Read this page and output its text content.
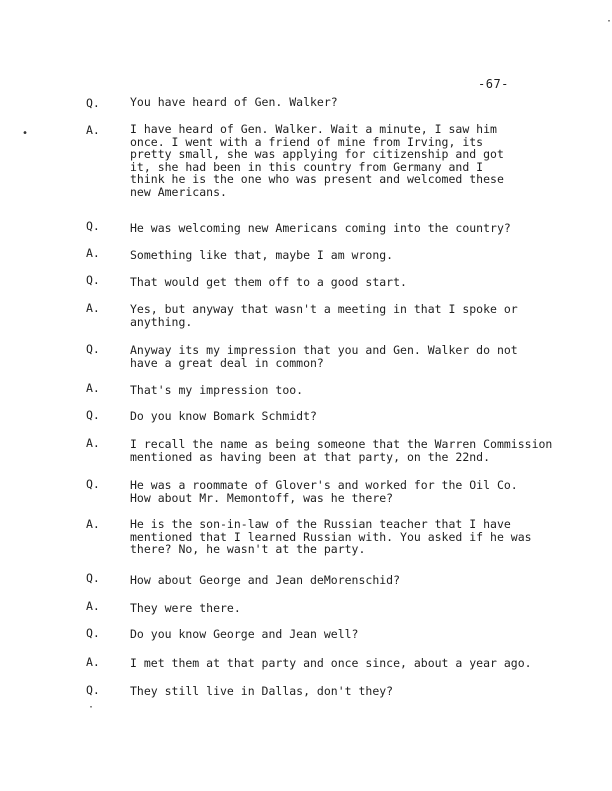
-67-
Q.	You have heard of Gen. Walker?
A.	I have heard of Gen. Walker. Wait a minute, I saw him
once. I went with a friend of mine from Irving, its
pretty small, she was applying for citizenship and got
it, she had been in this country from Germany and I
think he is the one who was present and welcomed these
new Americans.
Q.	He was welcoming new Americans coming into the country?
A.	Something like that, maybe I am wrong.
Q.	That would get them off to a good start.
A.	Yes, but anyway that wasn't a meeting in that I spoke or
anything.
Q.	Anyway its my impression that you and Gen. Walker do not
have a great deal in common?
A.	That's my impression too.
Q.	Do you know Bomark Schmidt?
A.	I recall the name as being someone that the Warren Commission
mentioned as having been at that party, on the 22nd.
Q.	He was a roommate of Glover's and worked for the Oil Co.
How about Mr. Memontoff, was he there?
A.	He is the son-in-law of the Russian teacher that I have
mentioned that I learned Russian with. You asked if he was
there? No, he wasn't at the party.
Q.	How about George and Jean deMorenschid?
A.	They were there.
Q.	Do you know George and Jean well?
A.	I met them at that party and once since, about a year ago.
Q.	They still live in Dallas, don't they?
•
·
·
